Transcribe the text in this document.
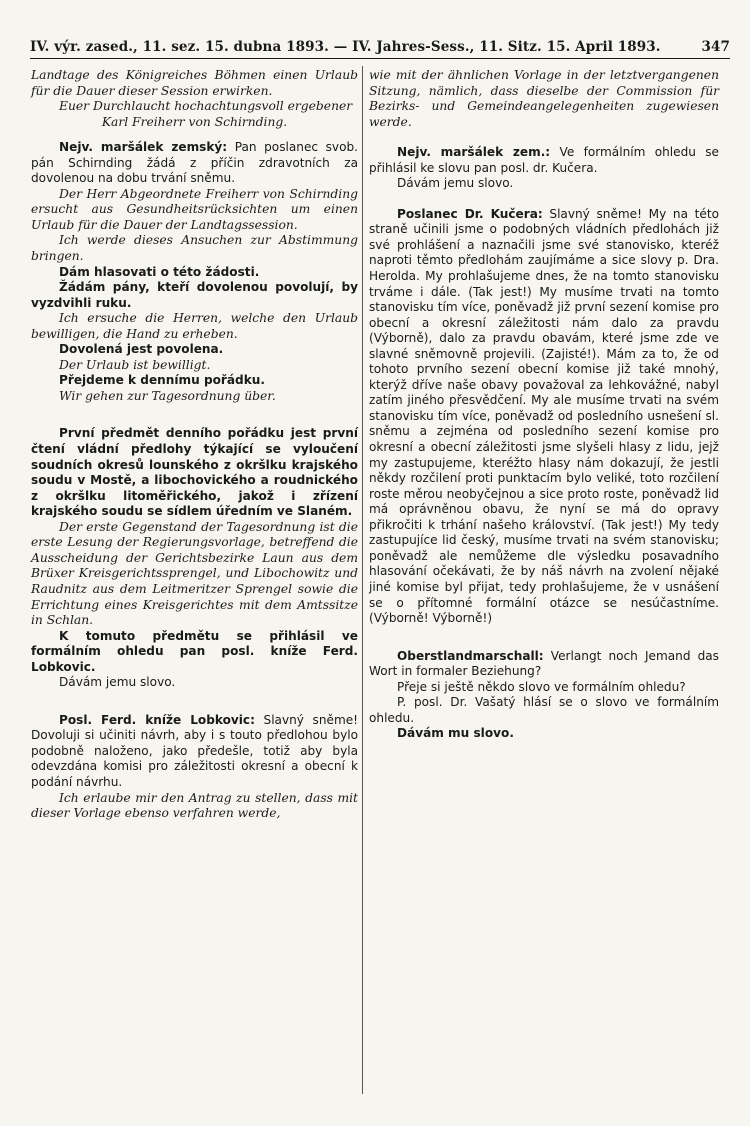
IV. výr. zased., 11. sez. 15. dubna 1893. — IV. Jahres-Sess., 11. Sitz. 15. April 1893.	347

Landtage des Königreiches Böhmen einen Urlaub für die Dauer dieser Session erwirken.

Euer Durchlaucht hochachtungsvoll ergebener

Karl Freiherr von Schirnding.

Nejv. maršálek zemský: Pan poslanec svob. pán Schirnding žádá z příčin zdravotních za dovolenou na dobu trvání sněmu.

Der Herr Abgeordnete Freiherr von Schirnding ersucht aus Gesundheitsrücksichten um einen Urlaub für die Dauer der Landtagssession.

Ich werde dieses Ansuchen zur Abstimmung bringen.

Dám hlasovati o této žádosti.

Žádám pány, kteří dovolenou povolují, by vyzdvihli ruku.

Ich ersuche die Herren, welche den Urlaub bewilligen, die Hand zu erheben.

Dovolená jest povolena.

Der Urlaub ist bewilligt.

Přejdeme k dennímu pořádku.

Wir gehen zur Tagesordnung über.

První předmět denního pořádku jest první čtení vládní předlohy týkající se vyloučení soudních okresů lounského z okršlku krajského soudu v Mostě, a libochovického a roudnického z okršlku litoměřického, jakož i zřízení krajského soudu se sídlem úředním ve Slaném.

Der erste Gegenstand der Tagesordnung ist die erste Lesung der Regierungsvorlage, betreffend die Ausscheidung der Gerichtsbezirke Laun aus dem Brüxer Kreisgerichtssprengel, und Libochowitz und Raudnitz aus dem Leitmeritzer Sprengel sowie die Errichtung eines Kreisgerichtes mit dem Amtssitze in Schlan.

K tomuto předmětu se přihlásil ve formálním ohledu pan posl. kníže Ferd. Lobkovic.

Dávám jemu slovo.

Posl. Ferd. kníže Lobkovic: Slavný sněme! Dovoluji si učiniti návrh, aby i s touto předlohou bylo podobně naloženo, jako předešle, totiž aby byla odevzdána komisi pro záležitosti okresní a obecní k podání návrhu.

Ich erlaube mir den Antrag zu stellen, dass mit dieser Vorlage ebenso verfahren werde,

wie mit der ähnlichen Vorlage in der letztvergangenen Sitzung, nämlich, dass dieselbe der Commission für Bezirks- und Gemeindeangelegenheiten zugewiesen werde.

Nejv. maršálek zem.: Ve formálním ohledu se přihlásil ke slovu pan posl. dr. Kučera.

Dávám jemu slovo.

Poslanec Dr. Kučera: Slavný sněme! My na této straně učinili jsme o podobných vládních předlohách již své prohlášení a naznačili jsme své stanovisko, kteréž naproti těmto předlohám zaujímáme a sice slovy p. Dra. Herolda. My prohlašujeme dnes, že na tomto stanovisku trváme i dále. (Tak jest!) My musíme trvati na tomto stanovisku tím více, poněvadž již první sezení komise pro obecní a okresní záležitosti nám dalo za pravdu (Výborně), dalo za pravdu obavám, které jsme zde ve slavné sněmovně projevili. (Zajisté!). Mám za to, že od tohoto prvního sezení obecní komise již také mnohý, kterýž dříve naše obavy považoval za lehkovážné, nabyl zatím jiného přesvědčení. My ale musíme trvati na svém stanovisku tím více, poněvadž od posledního usnešení sl. sněmu a zejména od posledního sezení komise pro okresní a obecní záležitosti jsme slyšeli hlasy z lidu, jejž my zastupujeme, kteréžto hlasy nám dokazují, že jestli někdy rozčilení proti punktacím bylo veliké, toto rozčilení roste měrou neobyčejnou a sice proto roste, poněvadž lid má oprávněnou obavu, že nyní se má do opravy přikročiti k trhání našeho království. (Tak jest!) My tedy zastupujíce lid český, musíme trvati na svém stanovisku; poněvadž ale nemůžeme dle výsledku posavadního hlasování očekávati, že by náš návrh na zvolení nějaké jiné komise byl přijat, tedy prohlašujeme, že v usnášení se o přítomné formální otázce se nesúčastníme. (Výborně! Výborně!)

Oberstlandmarschall: Verlangt noch Jemand das Wort in formaler Beziehung?

Přeje si ještě někdo slovo ve formálním ohledu?

P. posl. Dr. Vašatý hlásí se o slovo ve formálním ohledu.

Dávám mu slovo.
